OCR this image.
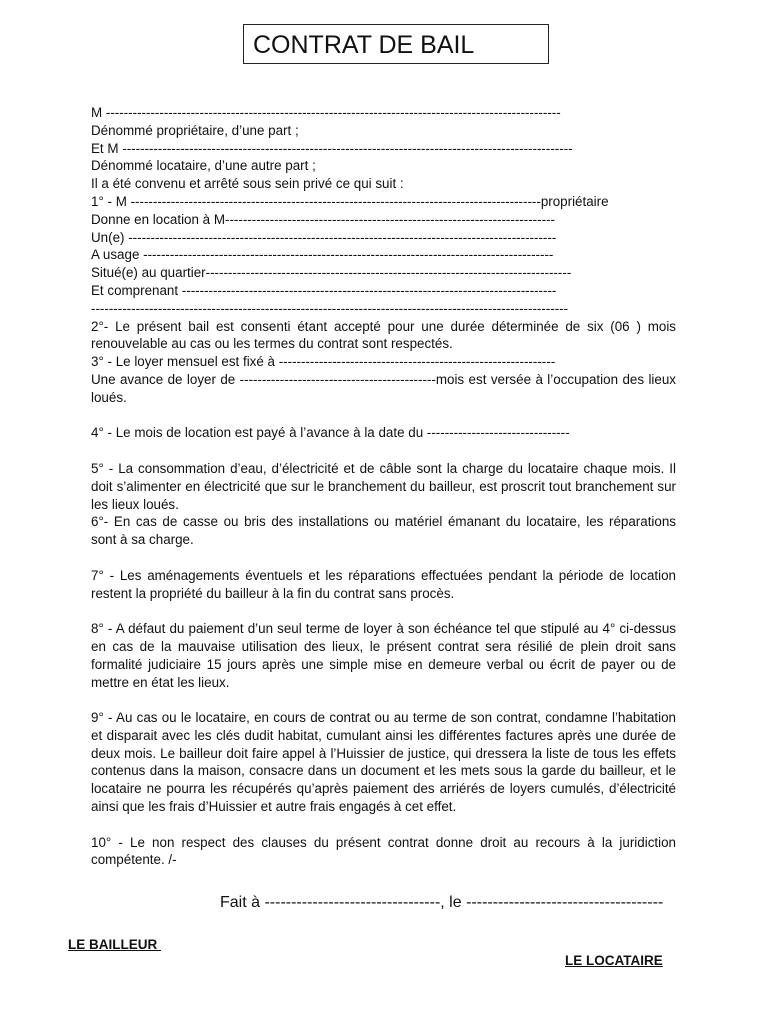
CONTRAT DE BAIL
M ------------------------------------------------------------------------------------------------------
Dénommé propriétaire, d’une part ;
Et M -----------------------------------------------------------------------------------------------------
Dénommé locataire, d’une autre part ;
Il a été convenu et arrêté sous sein privé ce qui suit :
1° - M --------------------------------------------------------------------------------------------propriétaire
Donne en location à M--------------------------------------------------------------------------
Un(e) ------------------------------------------------------------------------------------------------
A usage --------------------------------------------------------------------------------------------
Situé(e) au quartier----------------------------------------------------------------------------------
Et comprenant ------------------------------------------------------------------------------------
-----------------------------------------------------------------------------------------------------------
2°- Le présent bail est consenti étant accepté pour une durée déterminée de six (06 ) mois renouvelable au cas ou les termes du contrat sont respectés.
3° - Le loyer mensuel est fixé à --------------------------------------------------------------
Une avance de loyer de --------------------------------------------mois est versée à l’occupation des lieux loués.
4° - Le mois de location est payé à l’avance à la date du --------------------------------
5° - La consommation d’eau, d’électricité et de câble sont la charge du locataire chaque mois. Il doit s’alimenter en électricité que sur le branchement du bailleur, est proscrit tout branchement sur les lieux loués.
6°- En cas de casse ou bris des installations ou matériel émanant du locataire, les réparations sont à sa charge.
7° - Les aménagements éventuels et les réparations effectuées pendant la période de location restent la propriété du bailleur à la fin du contrat sans procès.
8° - A défaut du paiement d’un seul terme de loyer à son échéance tel que stipulé au 4° ci-dessus en cas de la mauvaise utilisation des lieux, le présent contrat sera résilié de plein droit sans formalité judiciaire 15 jours après une simple mise en demeure verbal ou écrit de payer ou de mettre en état les lieux.
9° - Au cas ou le locataire, en cours de contrat ou au terme de son contrat, condamne l’habitation et disparait avec les clés dudit habitat, cumulant ainsi les différentes factures après une durée de deux mois. Le bailleur doit faire appel à l’Huissier de justice, qui dressera la liste de tous les effets contenus dans la maison, consacre dans un document et les mets sous la garde du bailleur, et le locataire ne pourra les récupérés qu’après paiement des arriérés de loyers cumulés, d’électricité ainsi que les frais d’Huissier et autre frais engagés à cet effet.
10° - Le non respect des clauses du présent contrat donne droit au recours à la juridiction compétente. /-
Fait à ---------------------------------, le -------------------------------------
LE BAILLEUR
LE LOCATAIRE
